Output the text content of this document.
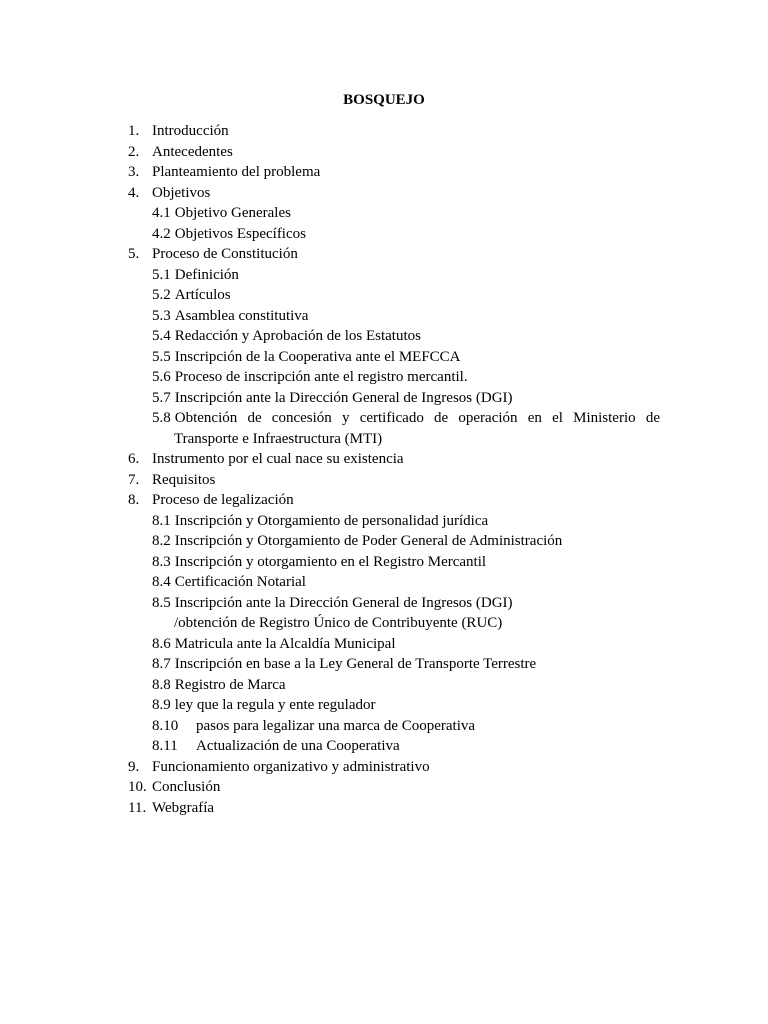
BOSQUEJO
1. Introducción
2. Antecedentes
3. Planteamiento del problema
4. Objetivos
4.1 Objetivo Generales
4.2 Objetivos Específicos
5. Proceso de Constitución
5.1 Definición
5.2 Artículos
5.3 Asamblea constitutiva
5.4 Redacción y Aprobación de los Estatutos
5.5 Inscripción de la Cooperativa ante el MEFCCA
5.6 Proceso de inscripción ante el registro mercantil.
5.7 Inscripción ante la Dirección General de Ingresos (DGI)
5.8 Obtención de concesión y certificado de operación en el Ministerio de
Transporte e Infraestructura (MTI)
6. Instrumento por el cual nace su existencia
7. Requisitos
8. Proceso de legalización
8.1 Inscripción y Otorgamiento de personalidad jurídica
8.2 Inscripción y Otorgamiento de Poder General de Administración
8.3 Inscripción y otorgamiento en el Registro Mercantil
8.4 Certificación Notarial
8.5 Inscripción ante la Dirección General de Ingresos (DGI)
/obtención de Registro Único de Contribuyente (RUC)
8.6 Matricula ante la Alcaldía Municipal
8.7 Inscripción en base a la Ley General de Transporte Terrestre
8.8 Registro de Marca
8.9 ley que la regula y ente regulador
8.10	pasos para legalizar una marca de Cooperativa
8.11	Actualización de una Cooperativa
9. Funcionamiento organizativo y administrativo
10. Conclusión
11. Webgrafía
